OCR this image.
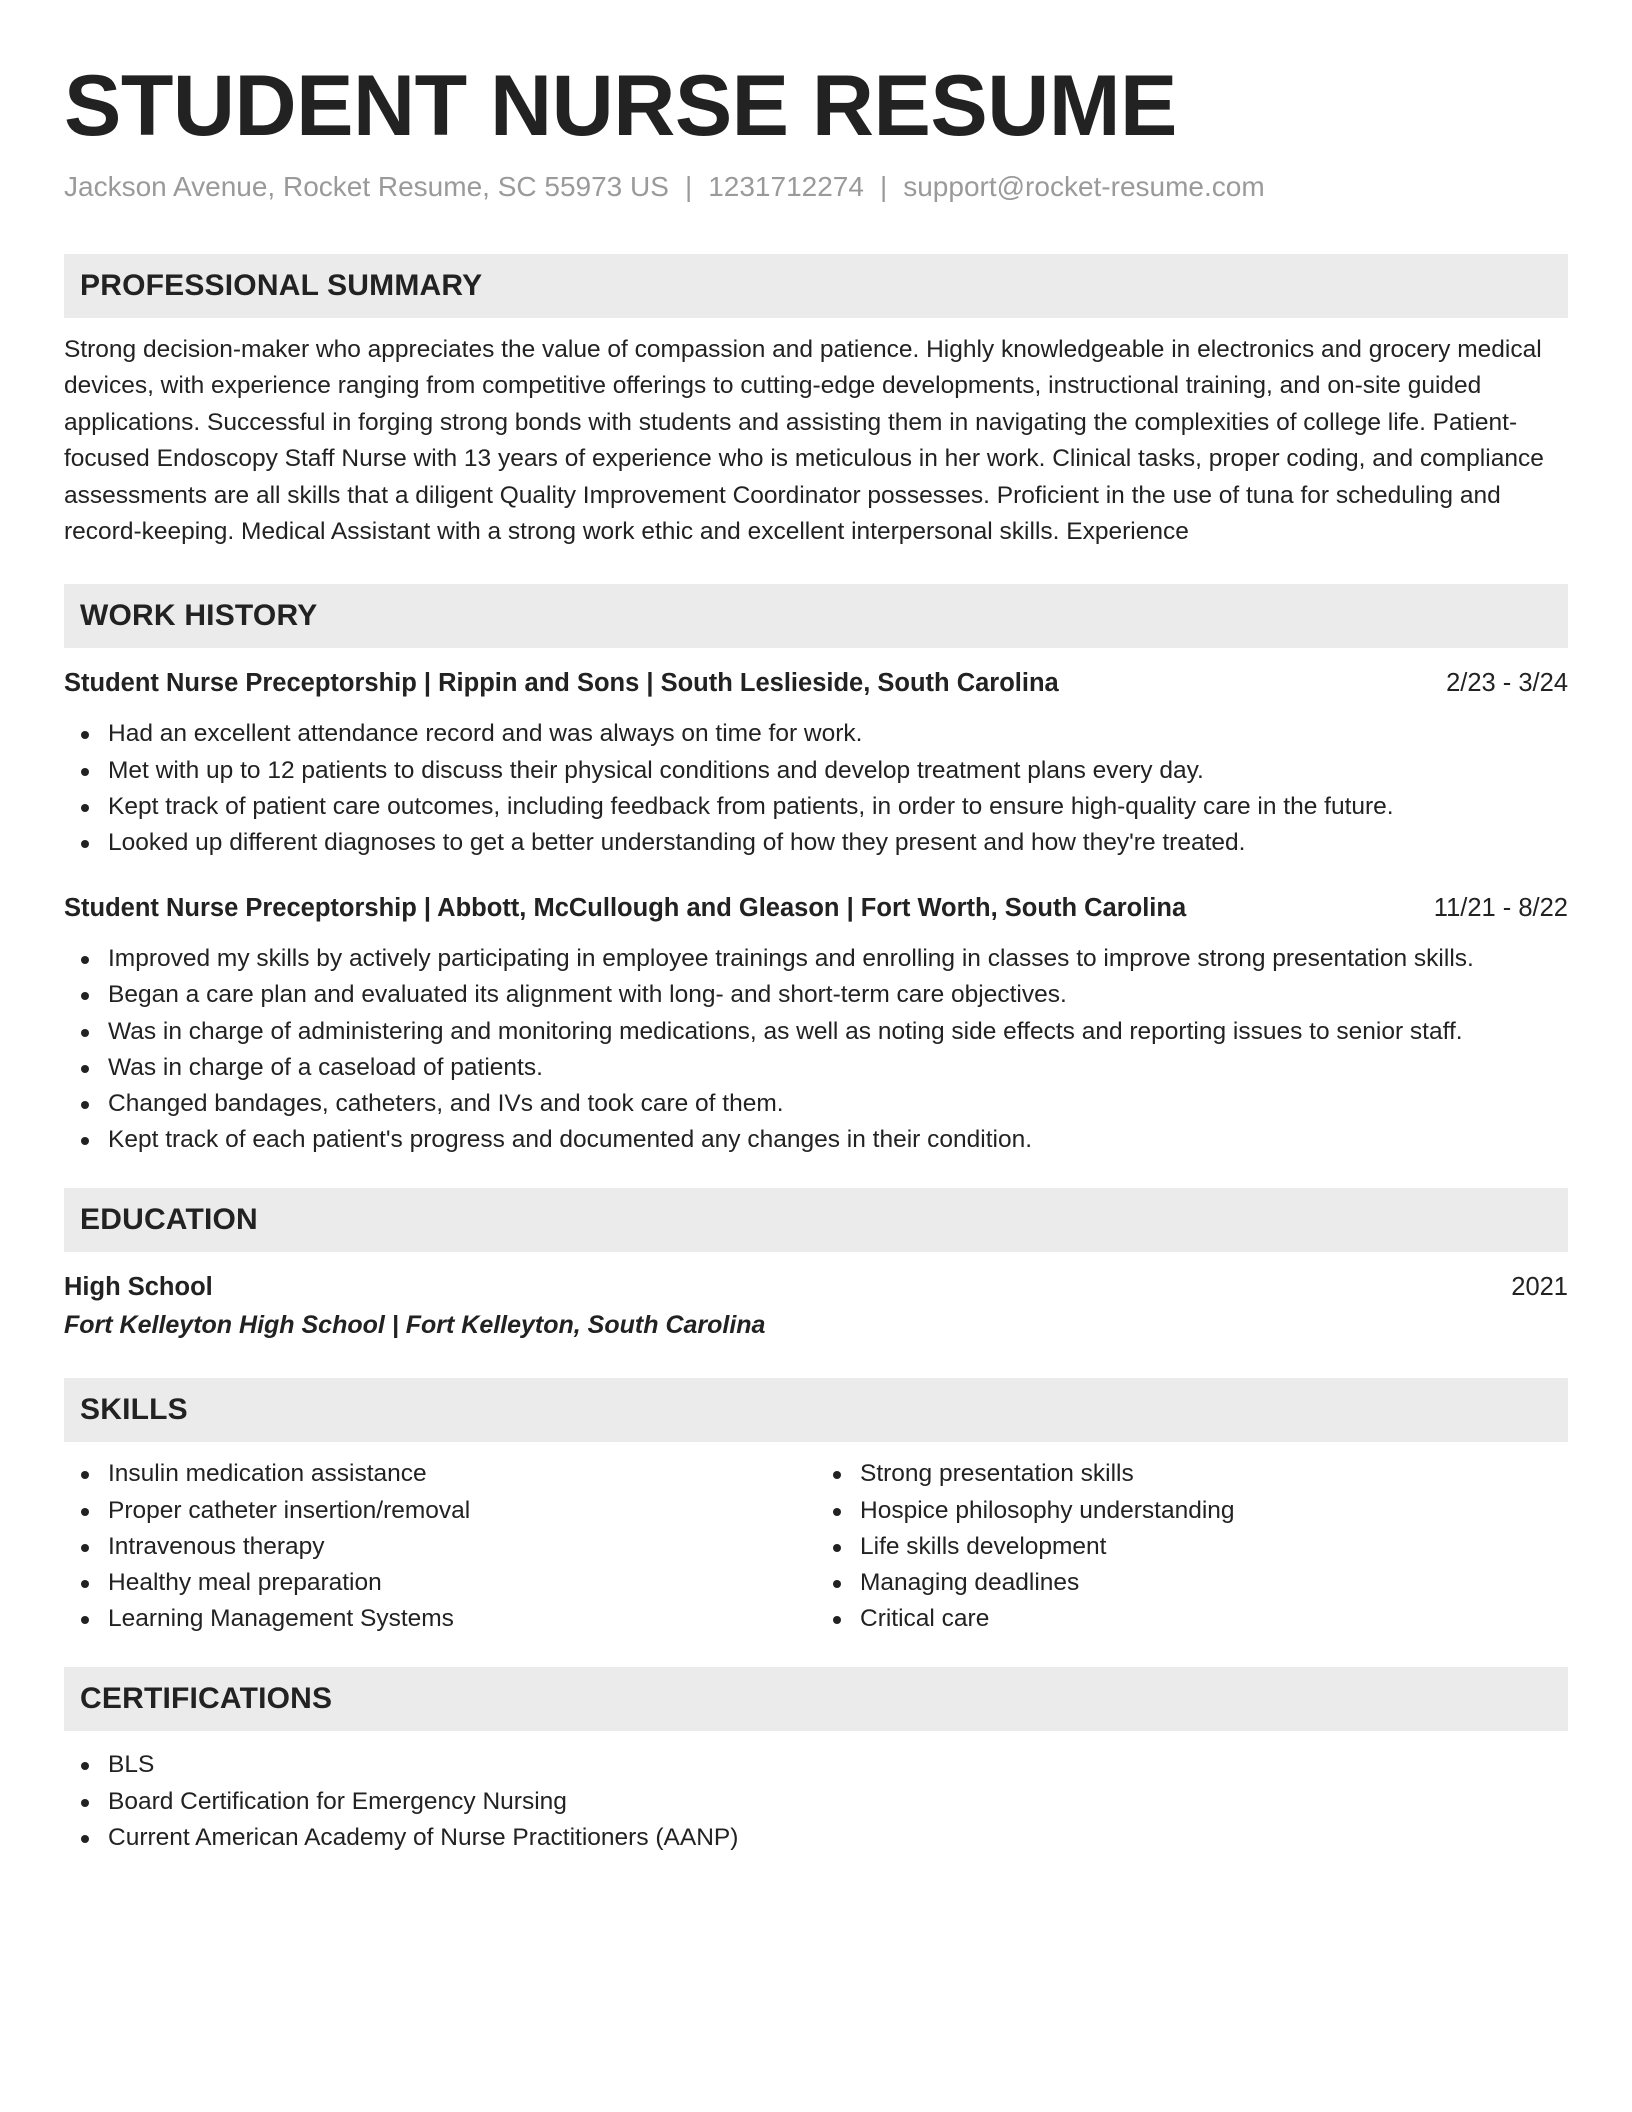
STUDENT NURSE RESUME
Jackson Avenue, Rocket Resume, SC 55973 US | 1231712274 | support@rocket-resume.com
PROFESSIONAL SUMMARY
Strong decision-maker who appreciates the value of compassion and patience. Highly knowledgeable in electronics and grocery medical devices, with experience ranging from competitive offerings to cutting-edge developments, instructional training, and on-site guided applications. Successful in forging strong bonds with students and assisting them in navigating the complexities of college life. Patient-focused Endoscopy Staff Nurse with 13 years of experience who is meticulous in her work. Clinical tasks, proper coding, and compliance assessments are all skills that a diligent Quality Improvement Coordinator possesses. Proficient in the use of tuna for scheduling and record-keeping. Medical Assistant with a strong work ethic and excellent interpersonal skills. Experience
WORK HISTORY
Student Nurse Preceptorship | Rippin and Sons | South Leslieside, South Carolina	2/23 - 3/24
Had an excellent attendance record and was always on time for work.
Met with up to 12 patients to discuss their physical conditions and develop treatment plans every day.
Kept track of patient care outcomes, including feedback from patients, in order to ensure high-quality care in the future.
Looked up different diagnoses to get a better understanding of how they present and how they're treated.
Student Nurse Preceptorship | Abbott, McCullough and Gleason | Fort Worth, South Carolina	11/21 - 8/22
Improved my skills by actively participating in employee trainings and enrolling in classes to improve strong presentation skills.
Began a care plan and evaluated its alignment with long- and short-term care objectives.
Was in charge of administering and monitoring medications, as well as noting side effects and reporting issues to senior staff.
Was in charge of a caseload of patients.
Changed bandages, catheters, and IVs and took care of them.
Kept track of each patient's progress and documented any changes in their condition.
EDUCATION
High School	2021
Fort Kelleyton High School | Fort Kelleyton, South Carolina
SKILLS
Insulin medication assistance
Proper catheter insertion/removal
Intravenous therapy
Healthy meal preparation
Learning Management Systems
Strong presentation skills
Hospice philosophy understanding
Life skills development
Managing deadlines
Critical care
CERTIFICATIONS
BLS
Board Certification for Emergency Nursing
Current American Academy of Nurse Practitioners (AANP)
